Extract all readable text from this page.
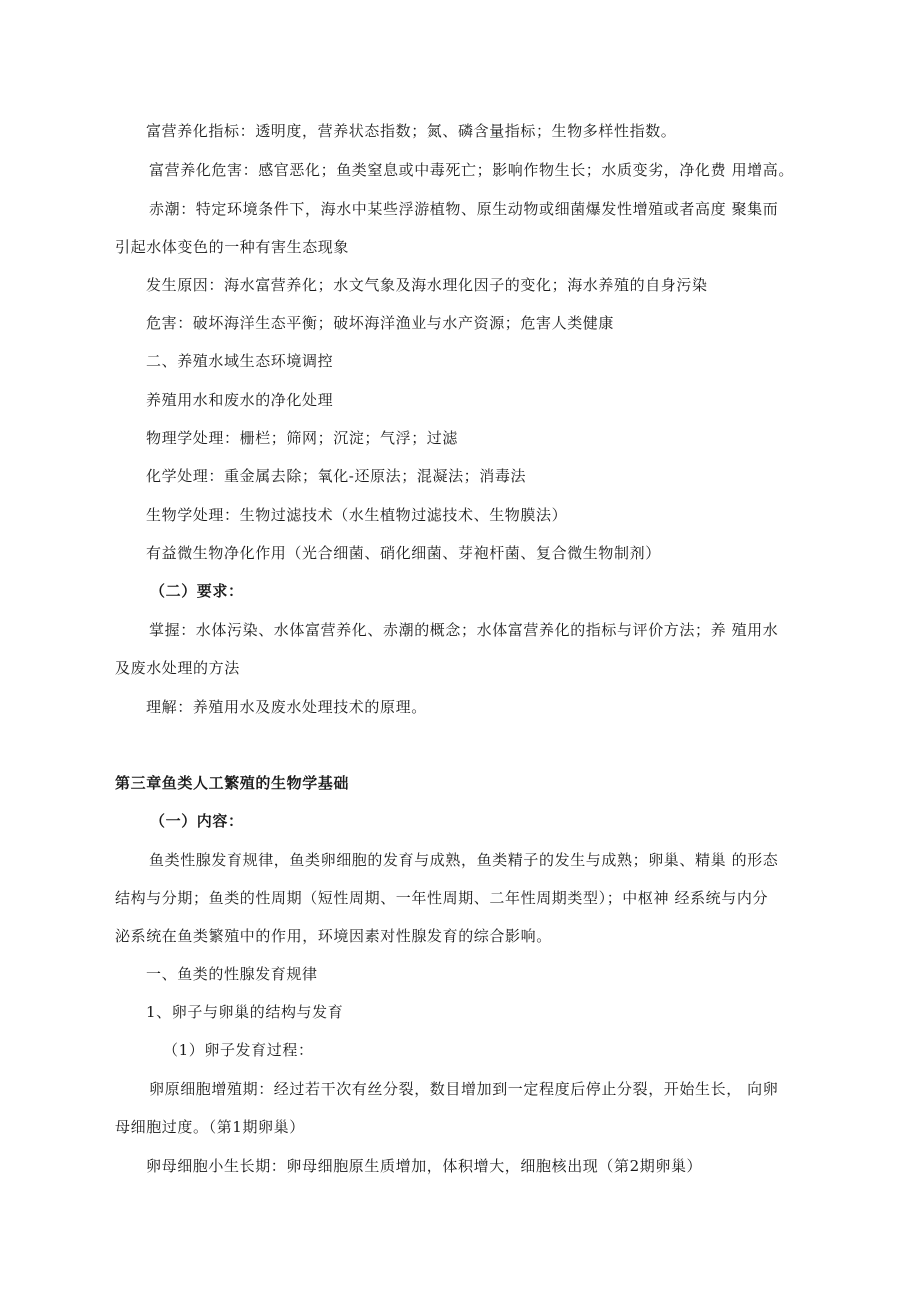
富营养化指标：透明度，营养状态指数；氮、磷含量指标；生物多样性指数。
富营养化危害：感官恶化；鱼类窒息或中毒死亡；影响作物生长；水质变劣，净化费 用增高。
赤潮：特定环境条件下，海水中某些浮游植物、原生动物或细菌爆发性增殖或者高度 聚集而
引起水体变色的一种有害生态现象
发生原因：海水富营养化；水文气象及海水理化因子的变化；海水养殖的自身污染
危害：破坏海洋生态平衡；破坏海洋渔业与水产资源；危害人类健康
二、养殖水域生态环境调控
养殖用水和废水的净化处理
物理学处理：栅栏；筛网；沉淀；气浮；过滤
化学处理：重金属去除；氧化-还原法；混凝法；消毒法
生物学处理：生物过滤技术（水生植物过滤技术、生物膜法）
有益微生物净化作用（光合细菌、硝化细菌、芽袍杆菌、复合微生物制剂）
（二）要求：
掌握：水体污染、水体富营养化、赤潮的概念；水体富营养化的指标与评价方法；养 殖用水
及废水处理的方法
理解：养殖用水及废水处理技术的原理。
第三章鱼类人工繁殖的生物学基础
（一）内容：
鱼类性腺发育规律，鱼类卵细胞的发育与成熟，鱼类精子的发生与成熟；卵巢、精巢 的形态
结构与分期；鱼类的性周期（短性周期、一年性周期、二年性周期类型）；中枢神 经系统与内分
泌系统在鱼类繁殖中的作用，环境因素对性腺发育的综合影响。
一、鱼类的性腺发育规律
1、卵子与卵巢的结构与发育
（1）卵子发育过程：
卵原细胞增殖期：经过若干次有丝分裂，数目增加到一定程度后停止分裂，开始生长， 向卵
母细胞过度。（第1期卵巢）
卵母细胞小生长期：卵母细胞原生质增加，体积增大，细胞核出现（第2期卵巢）
